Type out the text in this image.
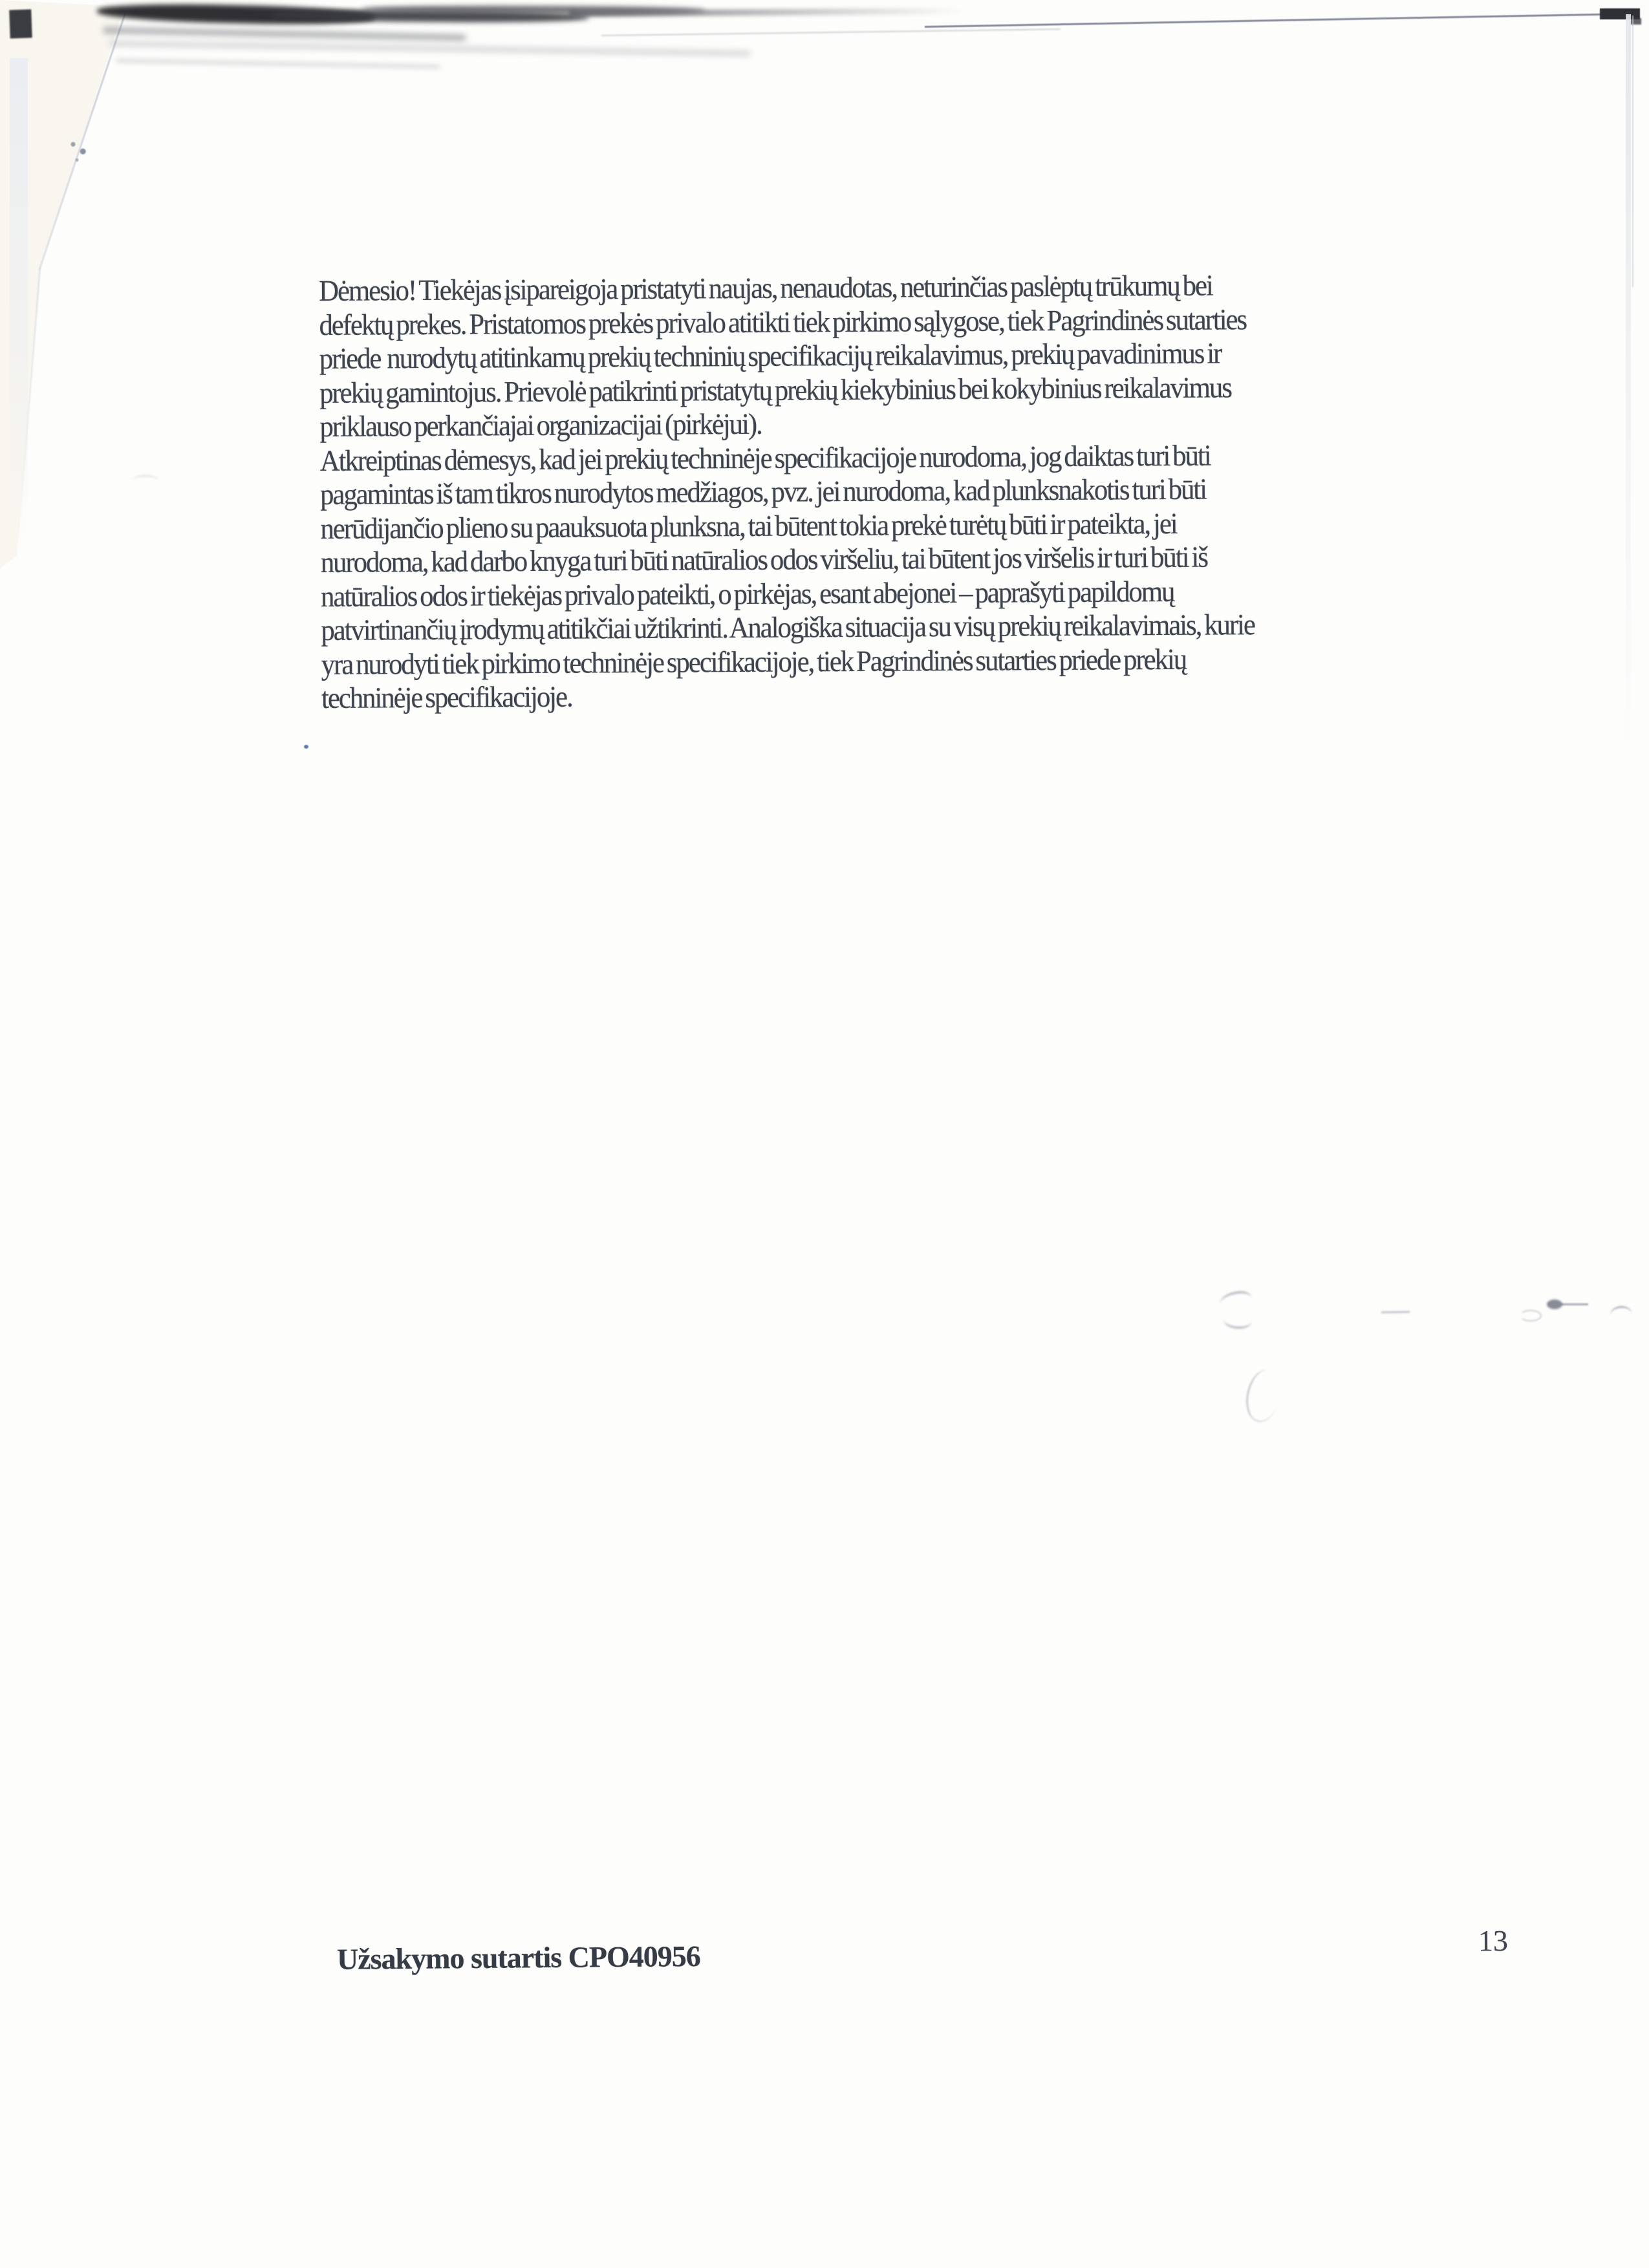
Dėmesio! Tiekėjas įsipareigoja pristatyti naujas, nenaudotas, neturinčias paslėptų trūkumų bei
defektų prekes. Pristatomos prekės privalo atitikti tiek pirkimo sąlygose, tiek Pagrindinės sutarties
priede  nurodytų atitinkamų prekių techninių specifikacijų reikalavimus, prekių pavadinimus ir
prekių gamintojus. Prievolė patikrinti pristatytų prekių kiekybinius bei kokybinius reikalavimus
priklauso perkančiajai organizacijai (pirkėjui).
Atkreiptinas dėmesys, kad jei prekių techninėje specifikacijoje nurodoma, jog daiktas turi būti
pagamintas iš tam tikros nurodytos medžiagos, pvz. jei nurodoma, kad plunksnakotis turi būti
nerūdijančio plieno su paauksuota plunksna, tai būtent tokia prekė turėtų būti ir pateikta, jei
nurodoma, kad darbo knyga turi būti natūralios odos viršeliu, tai būtent jos viršelis ir turi būti iš
natūralios odos ir tiekėjas privalo pateikti, o pirkėjas, esant abejonei – paprašyti papildomų
patvirtinančių įrodymų atitikčiai užtikrinti. Analogiška situacija su visų prekių reikalavimais, kurie
yra nurodyti tiek pirkimo techninėje specifikacijoje, tiek Pagrindinės sutarties priede prekių
techninėje specifikacijoje.
Užsakymo sutartis CPO40956	13
